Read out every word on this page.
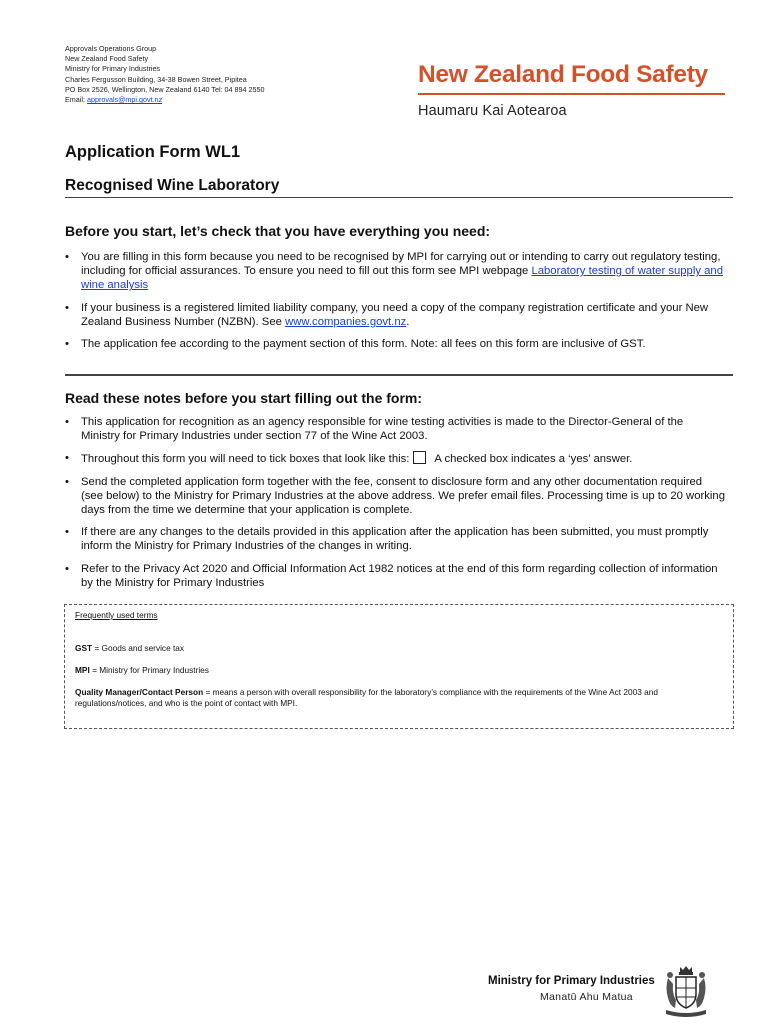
Approvals Operations Group
New Zealand Food Safety
Ministry for Primary Industries
Charles Fergusson Building, 34-38 Bowen Street, Pipitea
PO Box 2526, Wellington, New Zealand 6140 Tel: 04 894 2550
Email: approvals@mpi.govt.nz
New Zealand Food Safety
Haumaru Kai Aotearoa
Application Form WL1
Recognised Wine Laboratory
Before you start, let’s check that you have everything you need:
• You are filling in this form because you need to be recognised by MPI for carrying out or intending to carry out regulatory testing, including for official assurances. To ensure you need to fill out this form see MPI webpage Laboratory testing of water supply and wine analysis
• If your business is a registered limited liability company, you need a copy of the company registration certificate and your New Zealand Business Number (NZBN). See www.companies.govt.nz.
• The application fee according to the payment section of this form. Note: all fees on this form are inclusive of GST.
Read these notes before you start filling out the form:
• This application for recognition as an agency responsible for wine testing activities is made to the Director-General of the Ministry for Primary Industries under section 77 of the Wine Act 2003.
• Throughout this form you will need to tick boxes that look like this: A checked box indicates a ‘yes’ answer.
• Send the completed application form together with the fee, consent to disclosure form and any other documentation required (see below) to the Ministry for Primary Industries at the above address. We prefer email files. Processing time is up to 20 working days from the time we determine that your application is complete.
• If there are any changes to the details provided in this application after the application has been submitted, you must promptly inform the Ministry for Primary Industries of the changes in writing.
• Refer to the Privacy Act 2020 and Official Information Act 1982 notices at the end of this form regarding collection of information by the Ministry for Primary Industries
Frequently used terms
GST = Goods and service tax
MPI = Ministry for Primary Industries
Quality Manager/Contact Person = means a person with overall responsibility for the laboratory’s compliance with the requirements of the Wine Act 2003 and regulations/notices, and who is the point of contact with MPI.
Ministry for Primary Industries
Manatū Ahu Matua
